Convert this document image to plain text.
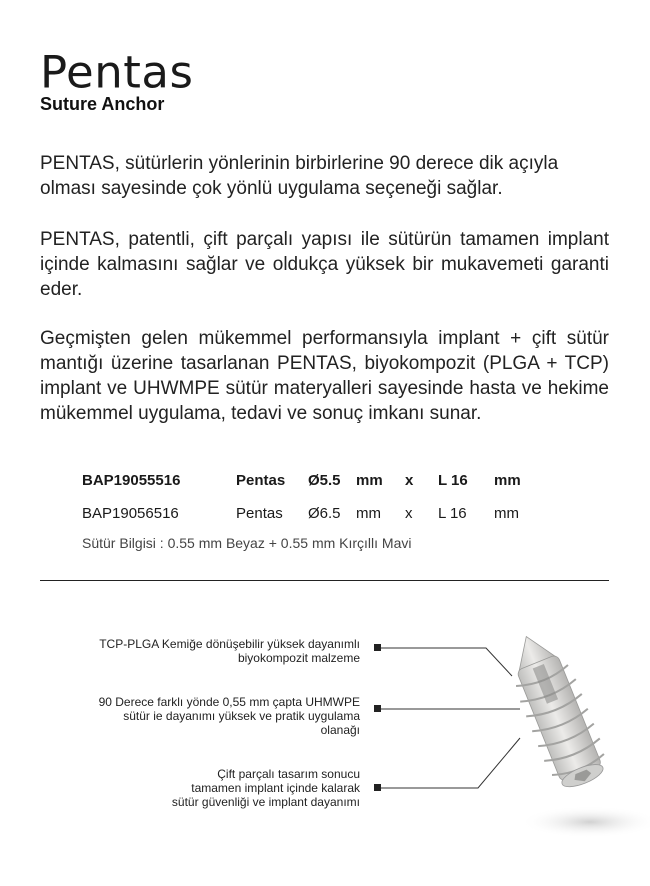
Pentas
Suture Anchor
PENTAS, sütürlerin yönlerinin birbirlerine 90 derece dik açıyla olması sayesinde çok yönlü uygulama seçeneği sağlar.
PENTAS, patentli, çift parçalı yapısı ile sütürün tamamen implant içinde kalmasını sağlar ve oldukça yüksek bir mukavemeti garanti eder.
Geçmişten gelen mükemmel performansıyla implant + çift sütür mantığı üzerine tasarlanan PENTAS, biyokompozit (PLGA + TCP) implant ve UHWMPE sütür materyalleri sayesinde hasta ve hekime mükemmel uygulama, tedavi ve sonuç imkanı sunar.
BAP19055516	Pentas Ø5.5 mm x L 16 mm
BAP19056516	Pentas Ø6.5 mm x L 16 mm
Sütür Bilgisi : 0.55 mm Beyaz + 0.55 mm Kırçıllı Mavi
TCP-PLGA Kemiğe dönüşebilir yüksek dayanımlı
biyokompozit malzeme
90 Derece farklı yönde 0,55 mm çapta UHMWPE
sütür ie dayanımı yüksek ve pratik uygulama
olanağı
Çift parçalı tasarım sonucu
tamamen implant içinde kalarak
sütür güvenliği ve implant dayanımı
